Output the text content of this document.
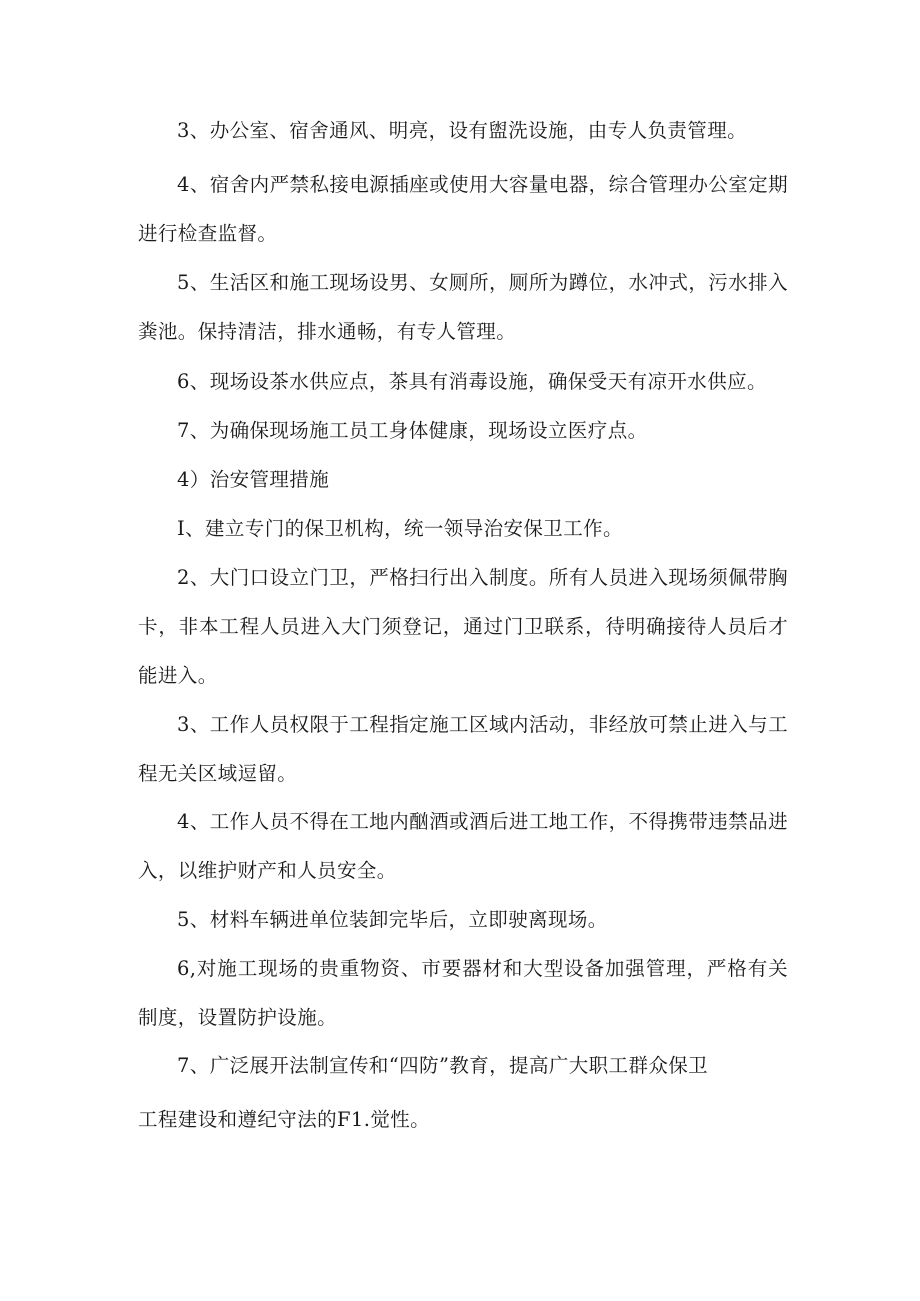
3、办公室、宿舍通风、明亮，设有盥洗设施，由专人负责管理。
4、宿舍内严禁私接电源插座或使用大容量电器，综合管理办公室定期
进行检查监督。
5、生活区和施工现场设男、女厕所，厕所为蹲位，水冲式，污水排入
粪池。保持清洁，排水通畅，有专人管理。
6、现场设茶水供应点，茶具有消毒设施，确保受天有凉开水供应。
7、为确保现场施工员工身体健康，现场设立医疗点。
4）治安管理措施
I、建立专门的保卫机构，统一领导治安保卫工作。
2、大门口设立门卫，严格扫行出入制度。所有人员进入现场须佩带胸
卡，非本工程人员进入大门须登记，通过门卫联系，待明确接待人员后才
能进入。
3、工作人员权限于工程指定施工区域内活动，非经放可禁止进入与工
程无关区域逗留。
4、工作人员不得在工地内酗酒或酒后进工地工作，不得携带违禁品进
入，以维护财产和人员安全。
5、材料车辆进单位装卸完毕后，立即驶离现场。
6,对施工现场的贵重物资、市要器材和大型设备加强管理，严格有关
制度，设置防护设施。
7、广泛展开法制宣传和“四防”教育，提高广大职工群众保卫
工程建设和遵纪守法的F1.觉性。
